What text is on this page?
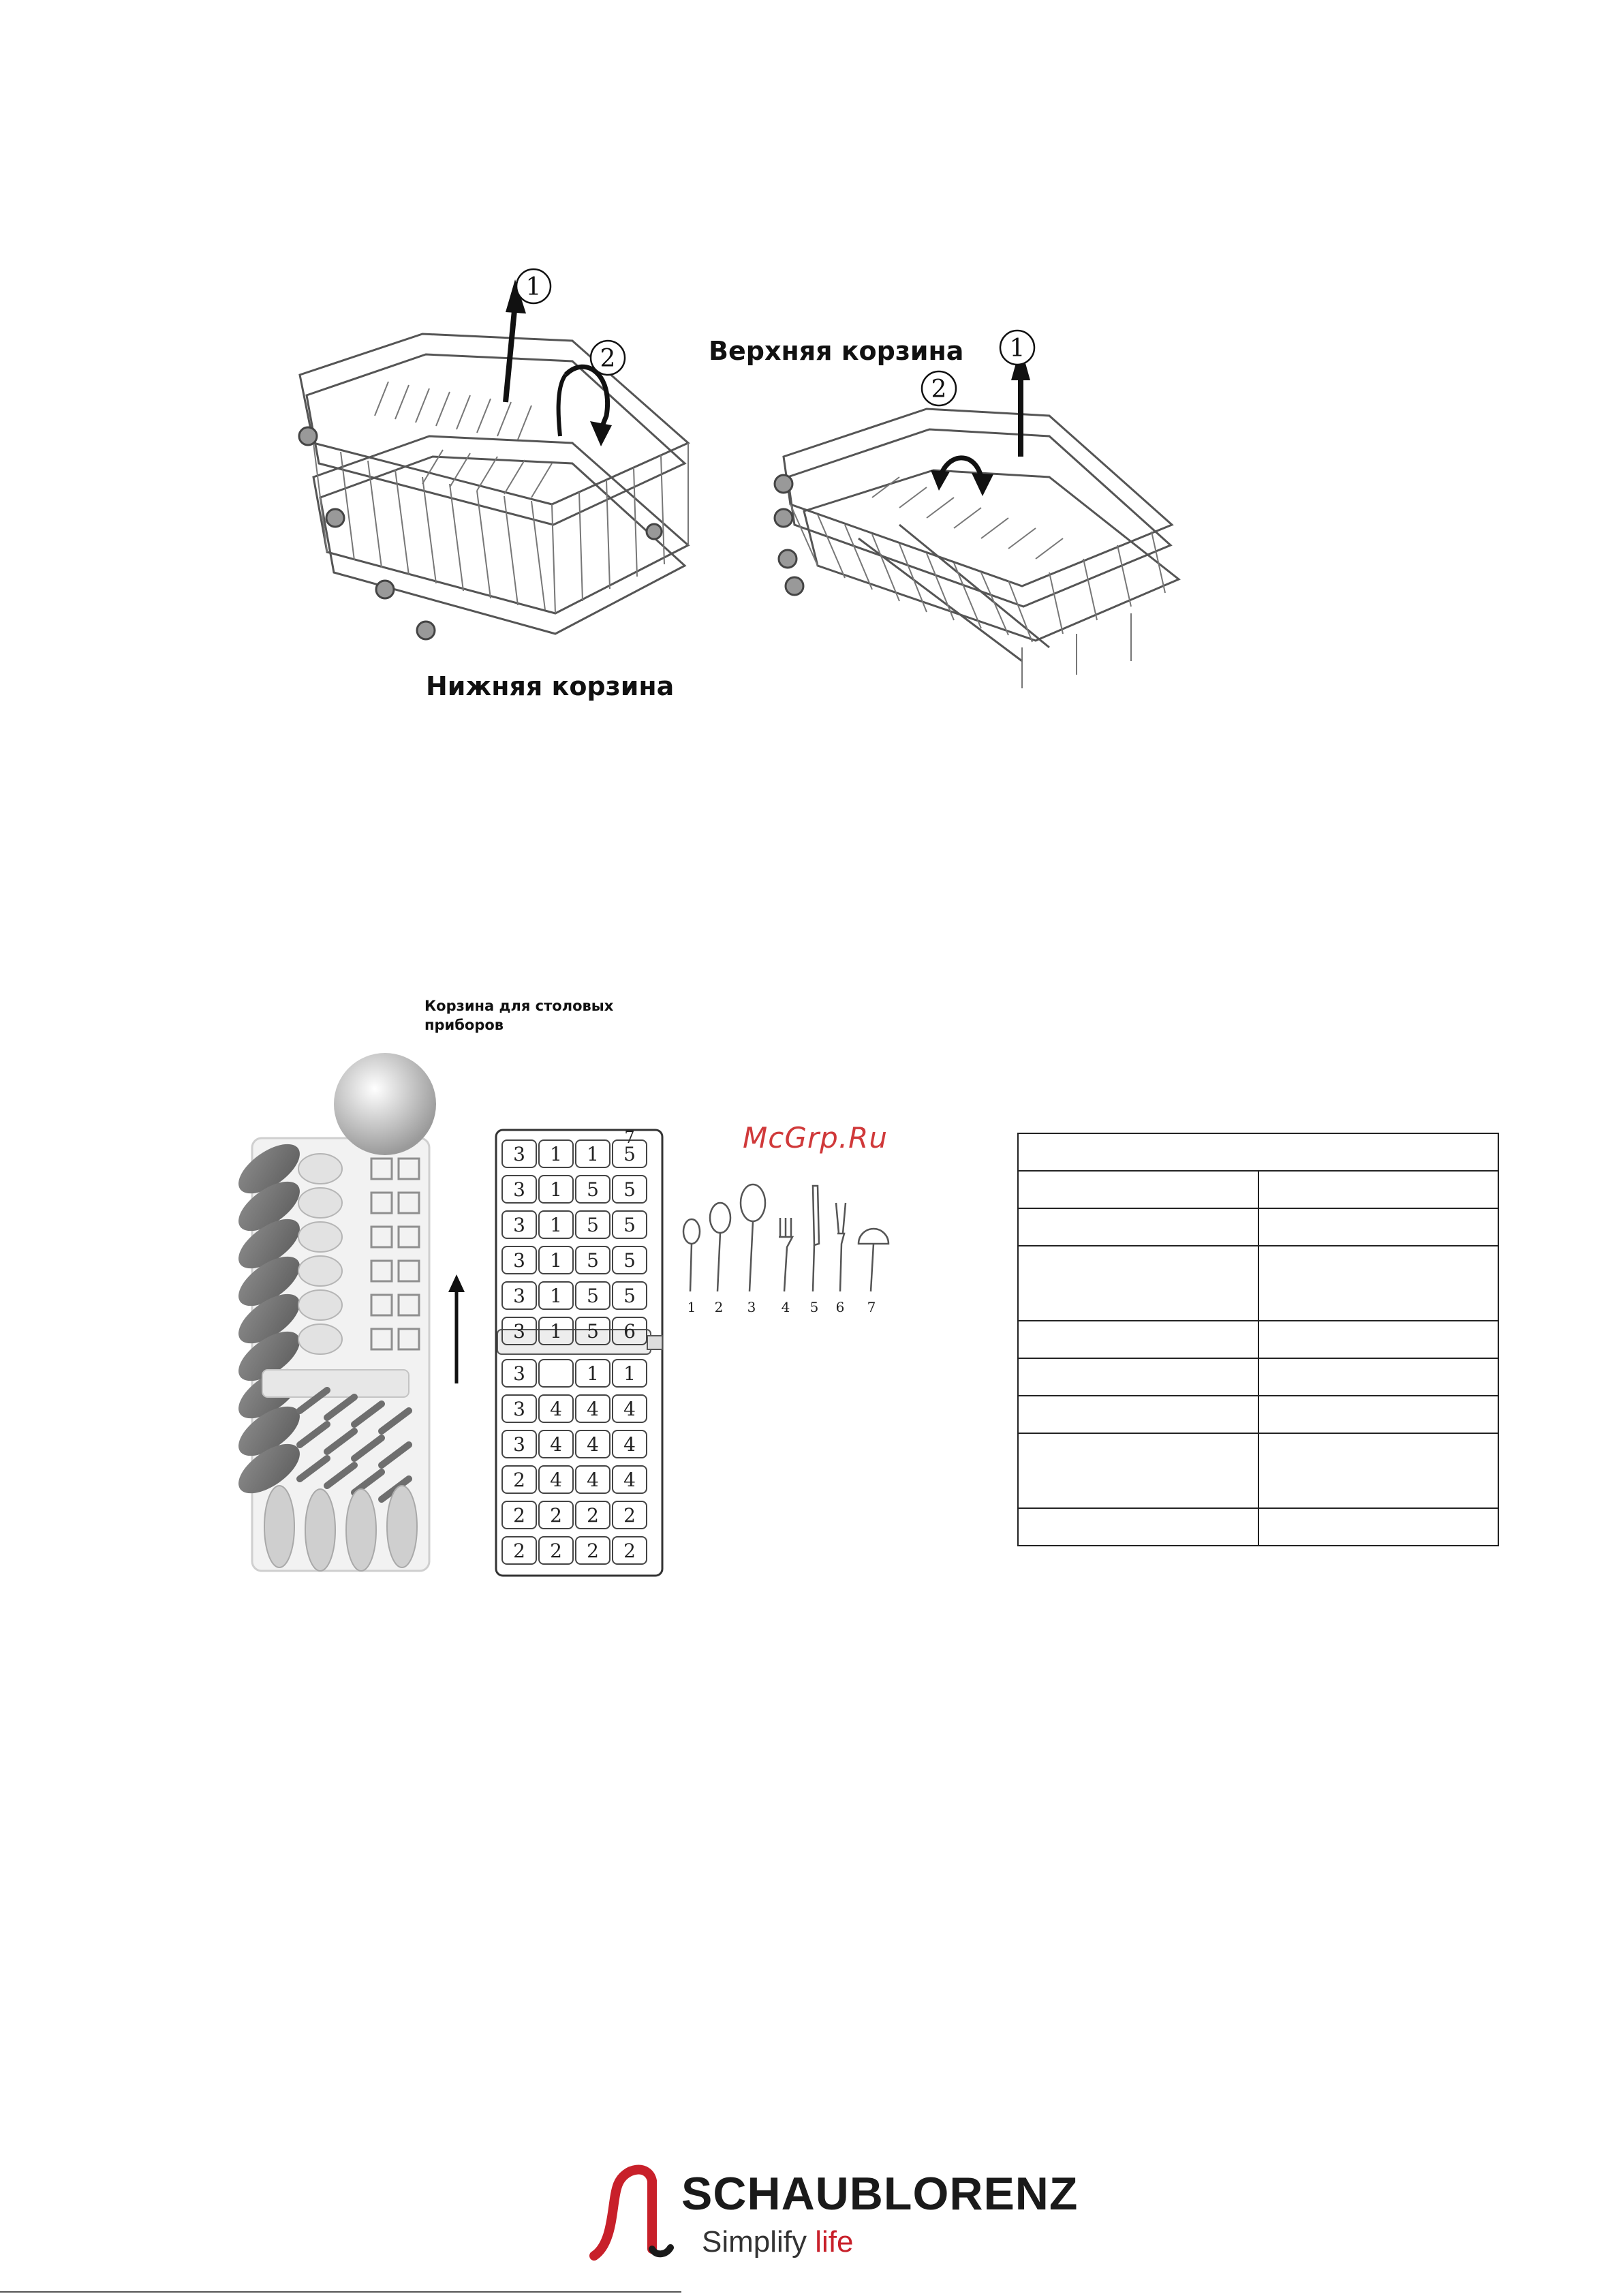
1
2
Нижняя корзина
Верхняя корзина 1
2
Корзина для столовых приборов
3 1 1 5
3 1 5 5
3 1 5 5
3 1 5 5
3 1 5 5
3 1 5 6
3	1 1
3 4 4 4
3 4 4 4
2 4 4 4
2 2 2 2
2 2 2 2
7	McGrp.Ru
1 2 3 4 5 6 7

SCHAUBLORENZ
Simplify life
